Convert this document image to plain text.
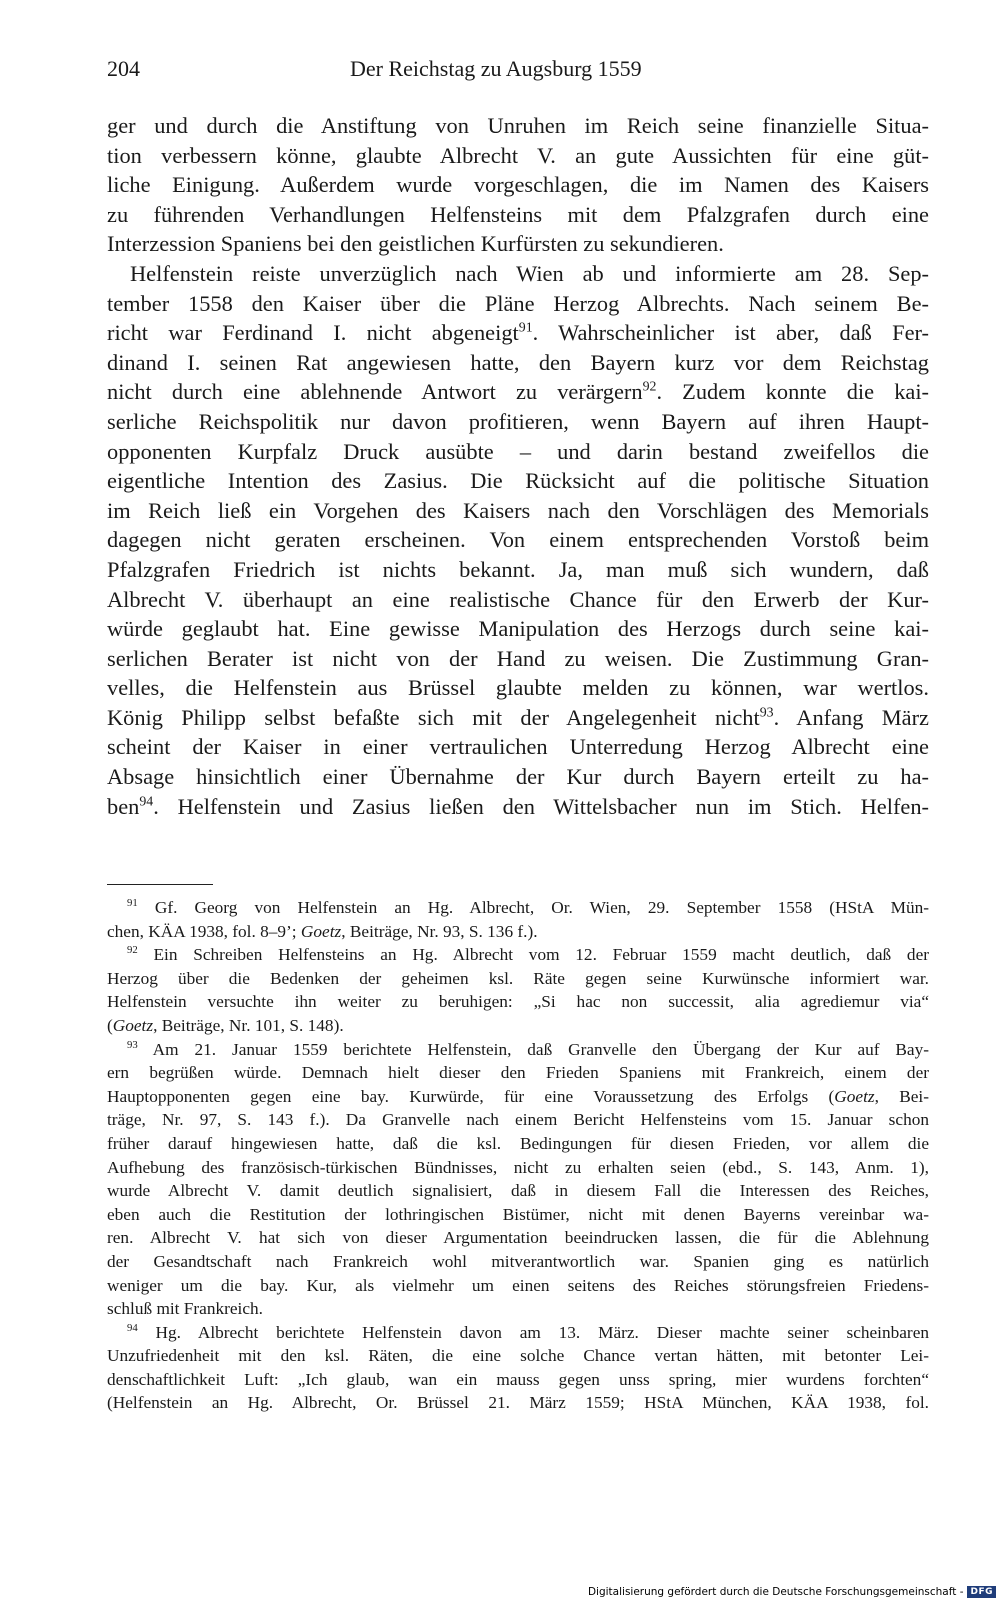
204	Der Reichstag zu Augsburg 1559
ger und durch die Anstiftung von Unruhen im Reich seine finanzielle Situa-
tion verbessern könne, glaubte Albrecht V. an gute Aussichten für eine güt-
liche Einigung. Außerdem wurde vorgeschlagen, die im Namen des Kaisers
zu führenden Verhandlungen Helfensteins mit dem Pfalzgrafen durch eine
Interzession Spaniens bei den geistlichen Kurfürsten zu sekundieren.
Helfenstein reiste unverzüglich nach Wien ab und informierte am 28. Sep-
tember 1558 den Kaiser über die Pläne Herzog Albrechts. Nach seinem Be-
richt war Ferdinand I. nicht abgeneigt$^{91}$. Wahrscheinlicher ist aber, daß Fer-
dinand I. seinen Rat angewiesen hatte, den Bayern kurz vor dem Reichstag
nicht durch eine ablehnende Antwort zu verärgern$^{92}$. Zudem konnte die kai-
serliche Reichspolitik nur davon profitieren, wenn Bayern auf ihren Haupt-
opponenten Kurpfalz Druck ausübte – und darin bestand zweifellos die
eigentliche Intention des Zasius. Die Rücksicht auf die politische Situation
im Reich ließ ein Vorgehen des Kaisers nach den Vorschlägen des Memorials
dagegen nicht geraten erscheinen. Von einem entsprechenden Vorstoß beim
Pfalzgrafen Friedrich ist nichts bekannt. Ja, man muß sich wundern, daß
Albrecht V. überhaupt an eine realistische Chance für den Erwerb der Kur-
würde geglaubt hat. Eine gewisse Manipulation des Herzogs durch seine kai-
serlichen Berater ist nicht von der Hand zu weisen. Die Zustimmung Gran-
velles, die Helfenstein aus Brüssel glaubte melden zu können, war wertlos.
König Philipp selbst befaßte sich mit der Angelegenheit nicht$^{93}$. Anfang März
scheint der Kaiser in einer vertraulichen Unterredung Herzog Albrecht eine
Absage hinsichtlich einer Übernahme der Kur durch Bayern erteilt zu ha-
ben$^{94}$. Helfenstein und Zasius ließen den Wittelsbacher nun im Stich. Helfen-
$^{91}$ Gf. Georg von Helfenstein an Hg. Albrecht, Or. Wien, 29. September 1558 (HStA Mün-
chen, KÄA 1938, fol. 8–9’; Goetz, Beiträge, Nr. 93, S. 136 f.).
$^{92}$ Ein Schreiben Helfensteins an Hg. Albrecht vom 12. Februar 1559 macht deutlich, daß der
Herzog über die Bedenken der geheimen ksl. Räte gegen seine Kurwünsche informiert war.
Helfenstein versuchte ihn weiter zu beruhigen: „Si hac non successit, alia agrediemur via“
(Goetz, Beiträge, Nr. 101, S. 148).
$^{93}$ Am 21. Januar 1559 berichtete Helfenstein, daß Granvelle den Übergang der Kur auf Bay-
ern begrüßen würde. Demnach hielt dieser den Frieden Spaniens mit Frankreich, einem der
Hauptopponenten gegen eine bay. Kurwürde, für eine Voraussetzung des Erfolgs (Goetz, Bei-
träge, Nr. 97, S. 143 f.). Da Granvelle nach einem Bericht Helfensteins vom 15. Januar schon
früher darauf hingewiesen hatte, daß die ksl. Bedingungen für diesen Frieden, vor allem die
Aufhebung des französisch-türkischen Bündnisses, nicht zu erhalten seien (ebd., S. 143, Anm. 1),
wurde Albrecht V. damit deutlich signalisiert, daß in diesem Fall die Interessen des Reiches,
eben auch die Restitution der lothringischen Bistümer, nicht mit denen Bayerns vereinbar wa-
ren. Albrecht V. hat sich von dieser Argumentation beeindrucken lassen, die für die Ablehnung
der Gesandtschaft nach Frankreich wohl mitverantwortlich war. Spanien ging es natürlich
weniger um die bay. Kur, als vielmehr um einen seitens des Reiches störungsfreien Friedens-
schluß mit Frankreich.
$^{94}$ Hg. Albrecht berichtete Helfenstein davon am 13. März. Dieser machte seiner scheinbaren
Unzufriedenheit mit den ksl. Räten, die eine solche Chance vertan hätten, mit betonter Lei-
denschaftlichkeit Luft: „Ich glaub, wan ein mauss gegen unss spring, mier wurdens forchten“
(Helfenstein an Hg. Albrecht, Or. Brüssel 21. März 1559; HStA München, KÄA 1938, fol.
Digitalisierung gefördert durch die Deutsche Forschungsgemeinschaft - DFG
